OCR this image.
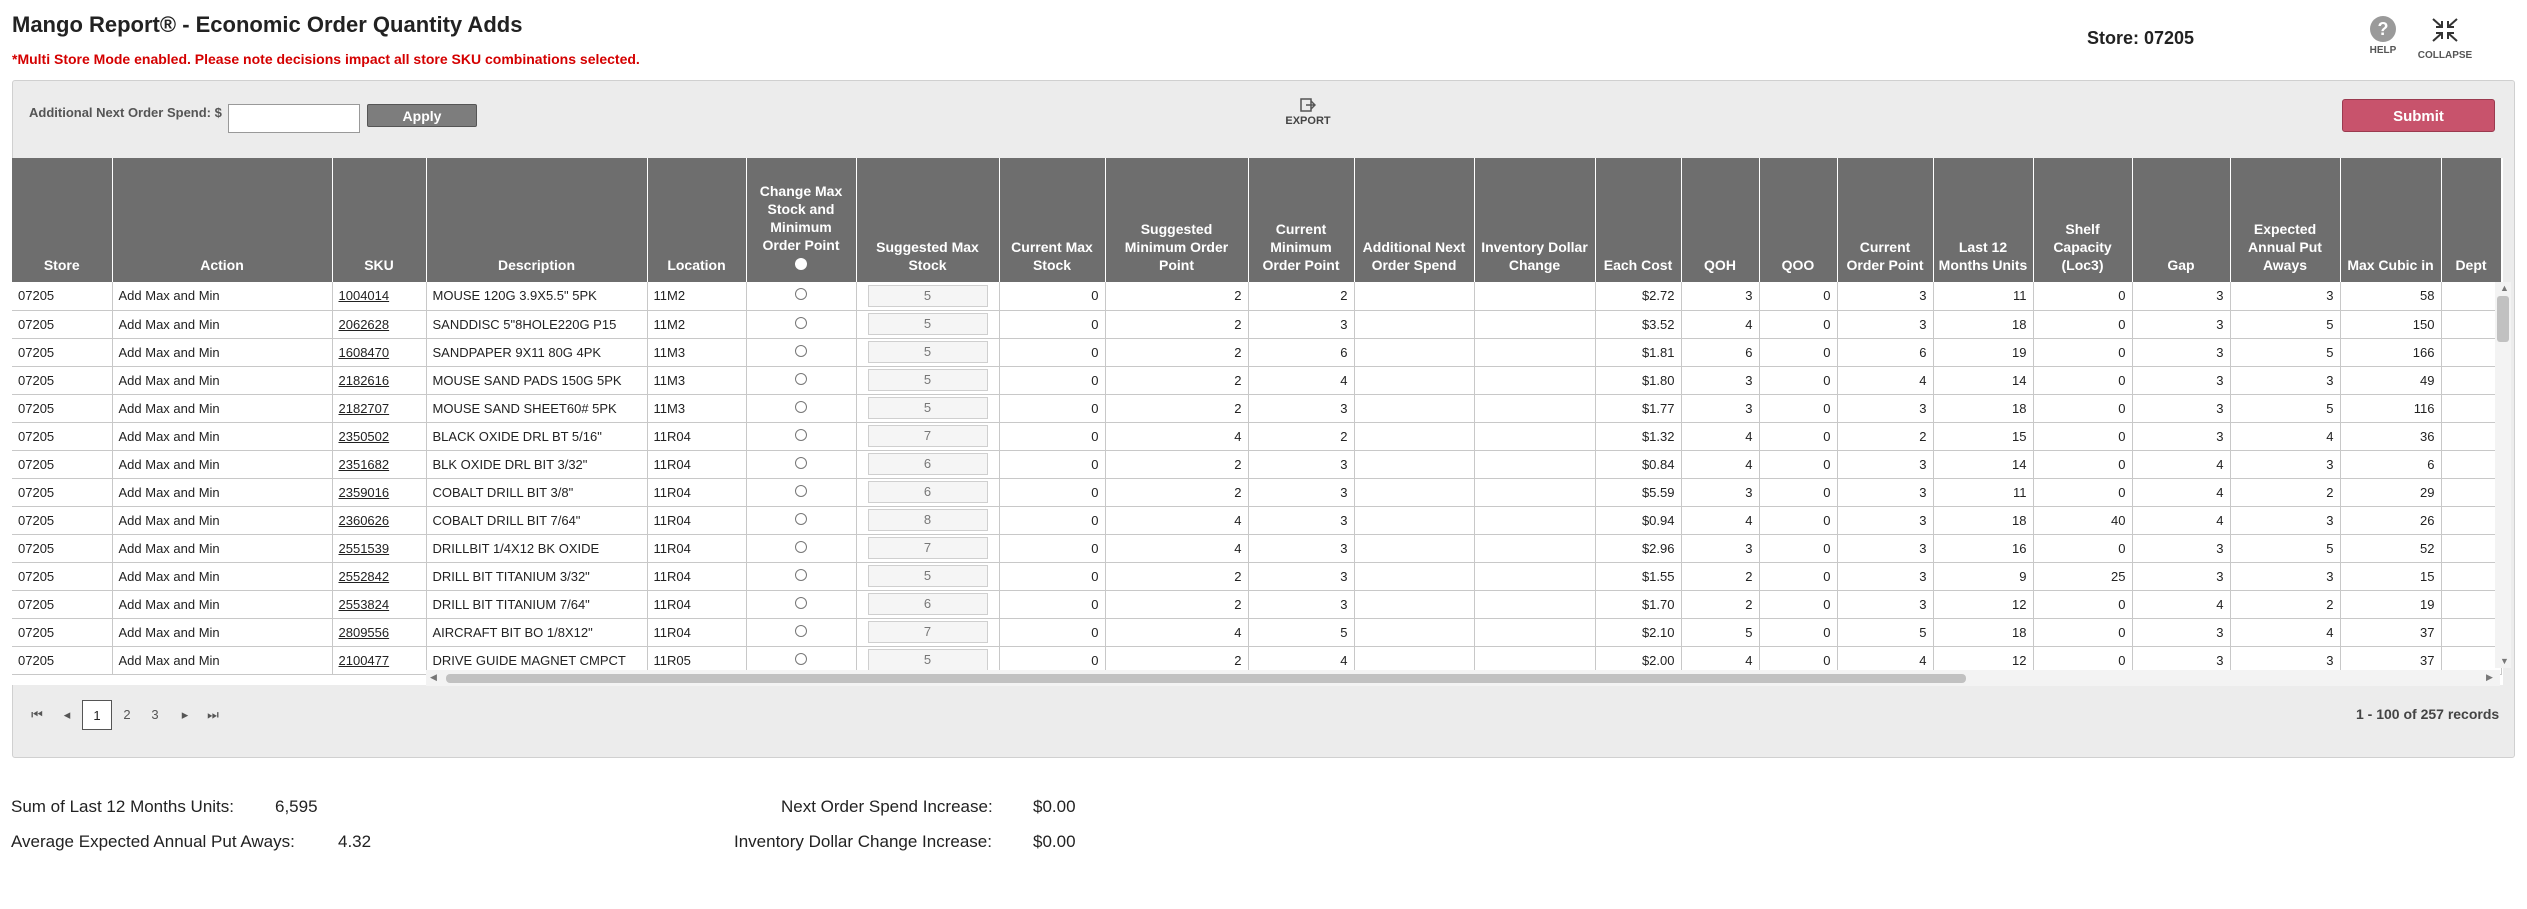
Mango Report® - Economic Order Quantity Adds
*Multi Store Mode enabled. Please note decisions impact all store SKU combinations selected.
Store: 07205	?
HELP	COLLAPSE
Additional Next Order Spend: $	Apply	EXPORT	Submit
Store	Action	SKU	Description	Location	Change Max Stock and Minimum Order Point	Suggested Max Stock	Current Max Stock	Suggested Minimum Order Point	Current Minimum Order Point	Additional Next Order Spend	Inventory Dollar Change	Each Cost	QOH	QOO	Current Order Point	Last 12 Months Units	Shelf Capacity (Loc3)	Gap	Expected Annual Put Aways	Max Cubic in	Dept
07205	Add Max and Min	1004014	MOUSE 120G 3.9X5.5" 5PK	11M2		5	0	2	2			$2.72	3	0	3	11	0	3	3	58	
07205	Add Max and Min	2062628	SANDDISC 5"8HOLE220G P15	11M2		5	0	2	3			$3.52	4	0	3	18	0	3	5	150	
07205	Add Max and Min	1608470	SANDPAPER 9X11 80G 4PK	11M3		5	0	2	6			$1.81	6	0	6	19	0	3	5	166	
07205	Add Max and Min	2182616	MOUSE SAND PADS 150G 5PK	11M3		5	0	2	4			$1.80	3	0	4	14	0	3	3	49	
07205	Add Max and Min	2182707	MOUSE SAND SHEET60# 5PK	11M3		5	0	2	3			$1.77	3	0	3	18	0	3	5	116	
07205	Add Max and Min	2350502	BLACK OXIDE DRL BT 5/16"	11R04		7	0	4	2			$1.32	4	0	2	15	0	3	4	36	
07205	Add Max and Min	2351682	BLK OXIDE DRL BIT 3/32"	11R04		6	0	2	3			$0.84	4	0	3	14	0	4	3	6	
07205	Add Max and Min	2359016	COBALT DRILL BIT 3/8"	11R04		6	0	2	3			$5.59	3	0	3	11	0	4	2	29	
07205	Add Max and Min	2360626	COBALT DRILL BIT 7/64"	11R04		8	0	4	3			$0.94	4	0	3	18	40	4	3	26	
07205	Add Max and Min	2551539	DRILLBIT 1/4X12 BK OXIDE	11R04		7	0	4	3			$2.96	3	0	3	16	0	3	5	52	
07205	Add Max and Min	2552842	DRILL BIT TITANIUM 3/32"	11R04		5	0	2	3			$1.55	2	0	3	9	25	3	3	15	
07205	Add Max and Min	2553824	DRILL BIT TITANIUM 7/64"	11R04		6	0	2	3			$1.70	2	0	3	12	0	4	2	19	
07205	Add Max and Min	2809556	AIRCRAFT BIT BO 1/8X12"	11R04		7	0	4	5			$2.10	5	0	5	18	0	3	4	37	
07205	Add Max and Min	2100477	DRIVE GUIDE MAGNET CMPCT	11R05		5	0	2	4			$2.00	4	0	4	12	0	3	3	37	
▲
▼
◀	▶
⏮	◂	1	2	3	▸	⏭	1 - 100 of 257 records
Sum of Last 12 Months Units: 6,595
Average Expected Annual Put Aways:	4.32
Next Order Spend Increase: $0.00
Inventory Dollar Change Increase: $0.00
